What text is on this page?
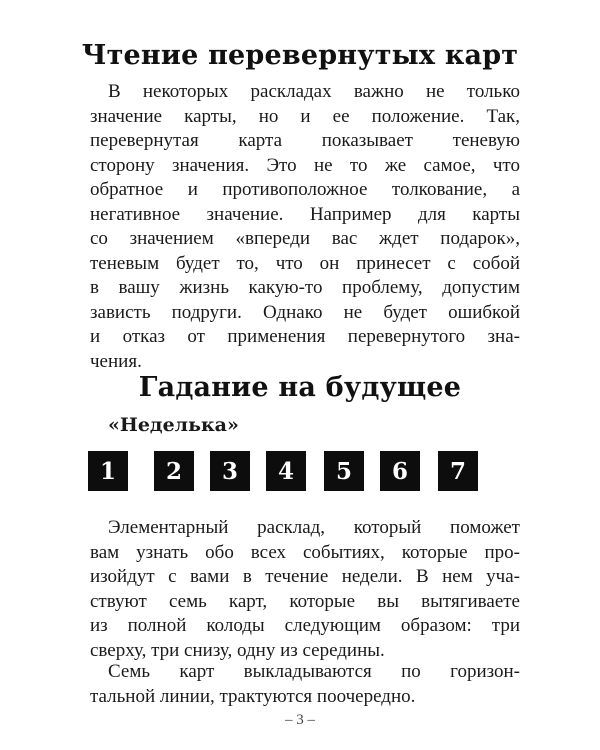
Чтение перевернутых карт
В некоторых раскладах важно не только
значение карты, но и ее положение. Так,
перевернутая карта показывает теневую
сторону значения. Это не то же самое, что
обратное и противоположное толкование, а
негативное значение. Например для карты
со значением «впереди вас ждет подарок»,
теневым будет то, что он принесет с собой
в вашу жизнь какую-то проблему, допустим
зависть подруги. Однако не будет ошибкой
и отказ от применения перевернутого зна-
чения.
Гадание на будущее
«Неделька»
1	2	3	4	5	6	7
Элементарный расклад, который поможет
вам узнать обо всех событиях, которые про-
изойдут с вами в течение недели. В нем уча-
ствуют семь карт, которые вы вытягиваете
из полной колоды следующим образом: три
сверху, три снизу, одну из середины.
Семь карт выкладываются по горизон-
тальной линии, трактуются поочередно.
– 3 –
